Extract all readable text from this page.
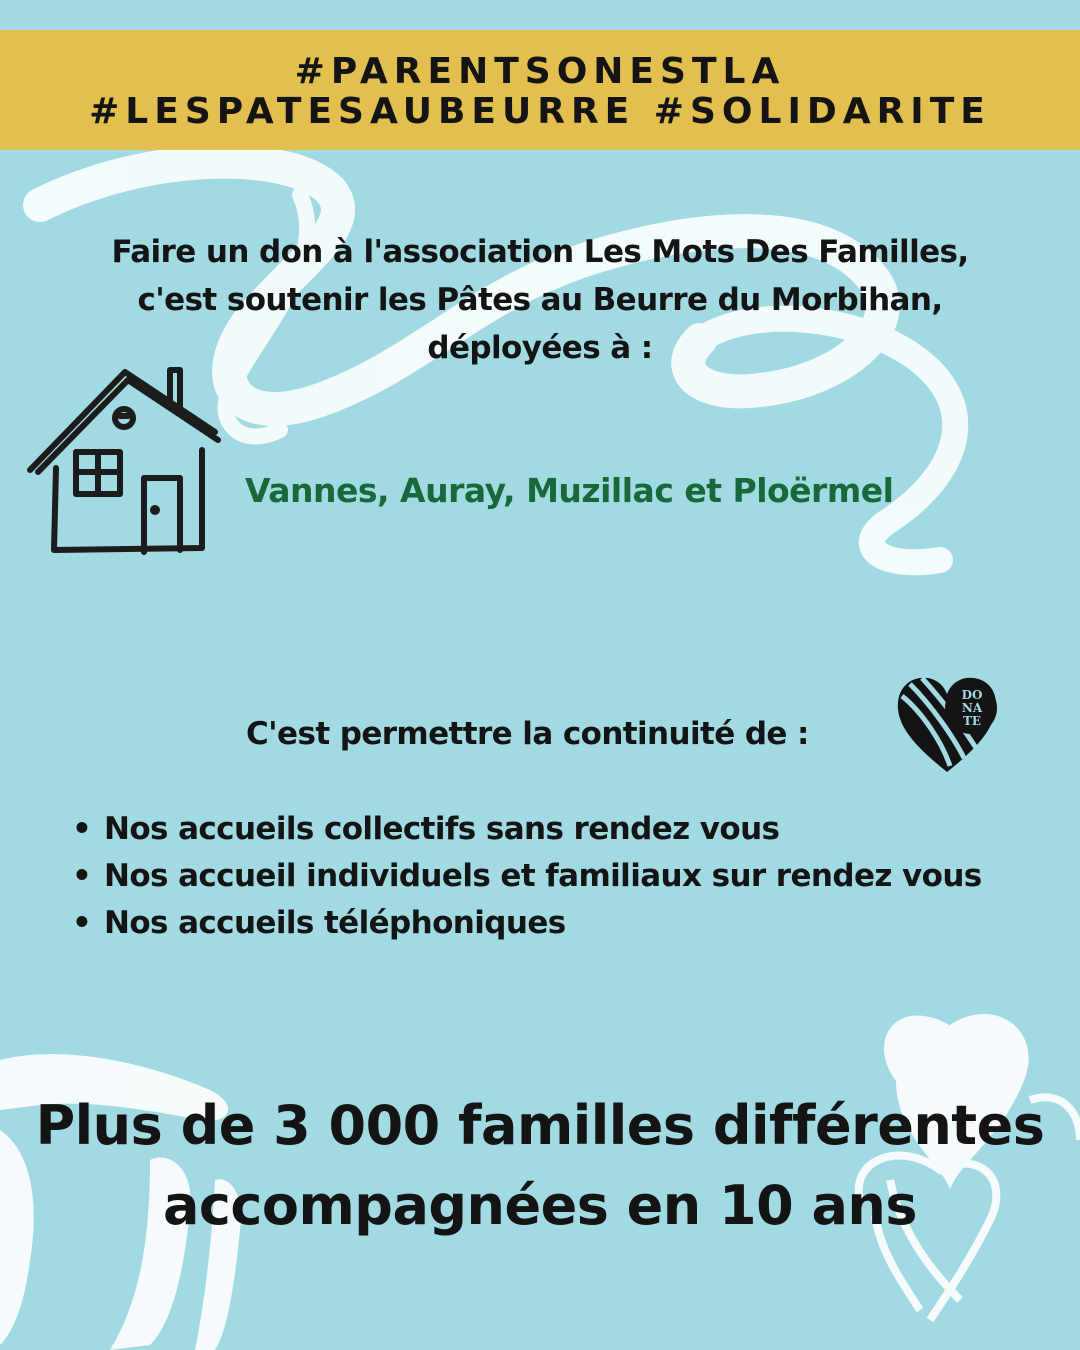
#PARENTSONESTLA
#LESPATESAUBEURRE #SOLIDARITE
Faire un don à l'association Les Mots Des Familles,
c'est soutenir les Pâtes au Beurre du Morbihan,
déployées à :
Vannes, Auray, Muzillac et Ploërmel
C'est permettre la continuité de :
DO
NA
TE
• Nos accueils collectifs sans rendez vous
• Nos accueil individuels et familiaux sur rendez vous
• Nos accueils téléphoniques
Plus de 3 000 familles différentes
accompagnées en 10 ans
